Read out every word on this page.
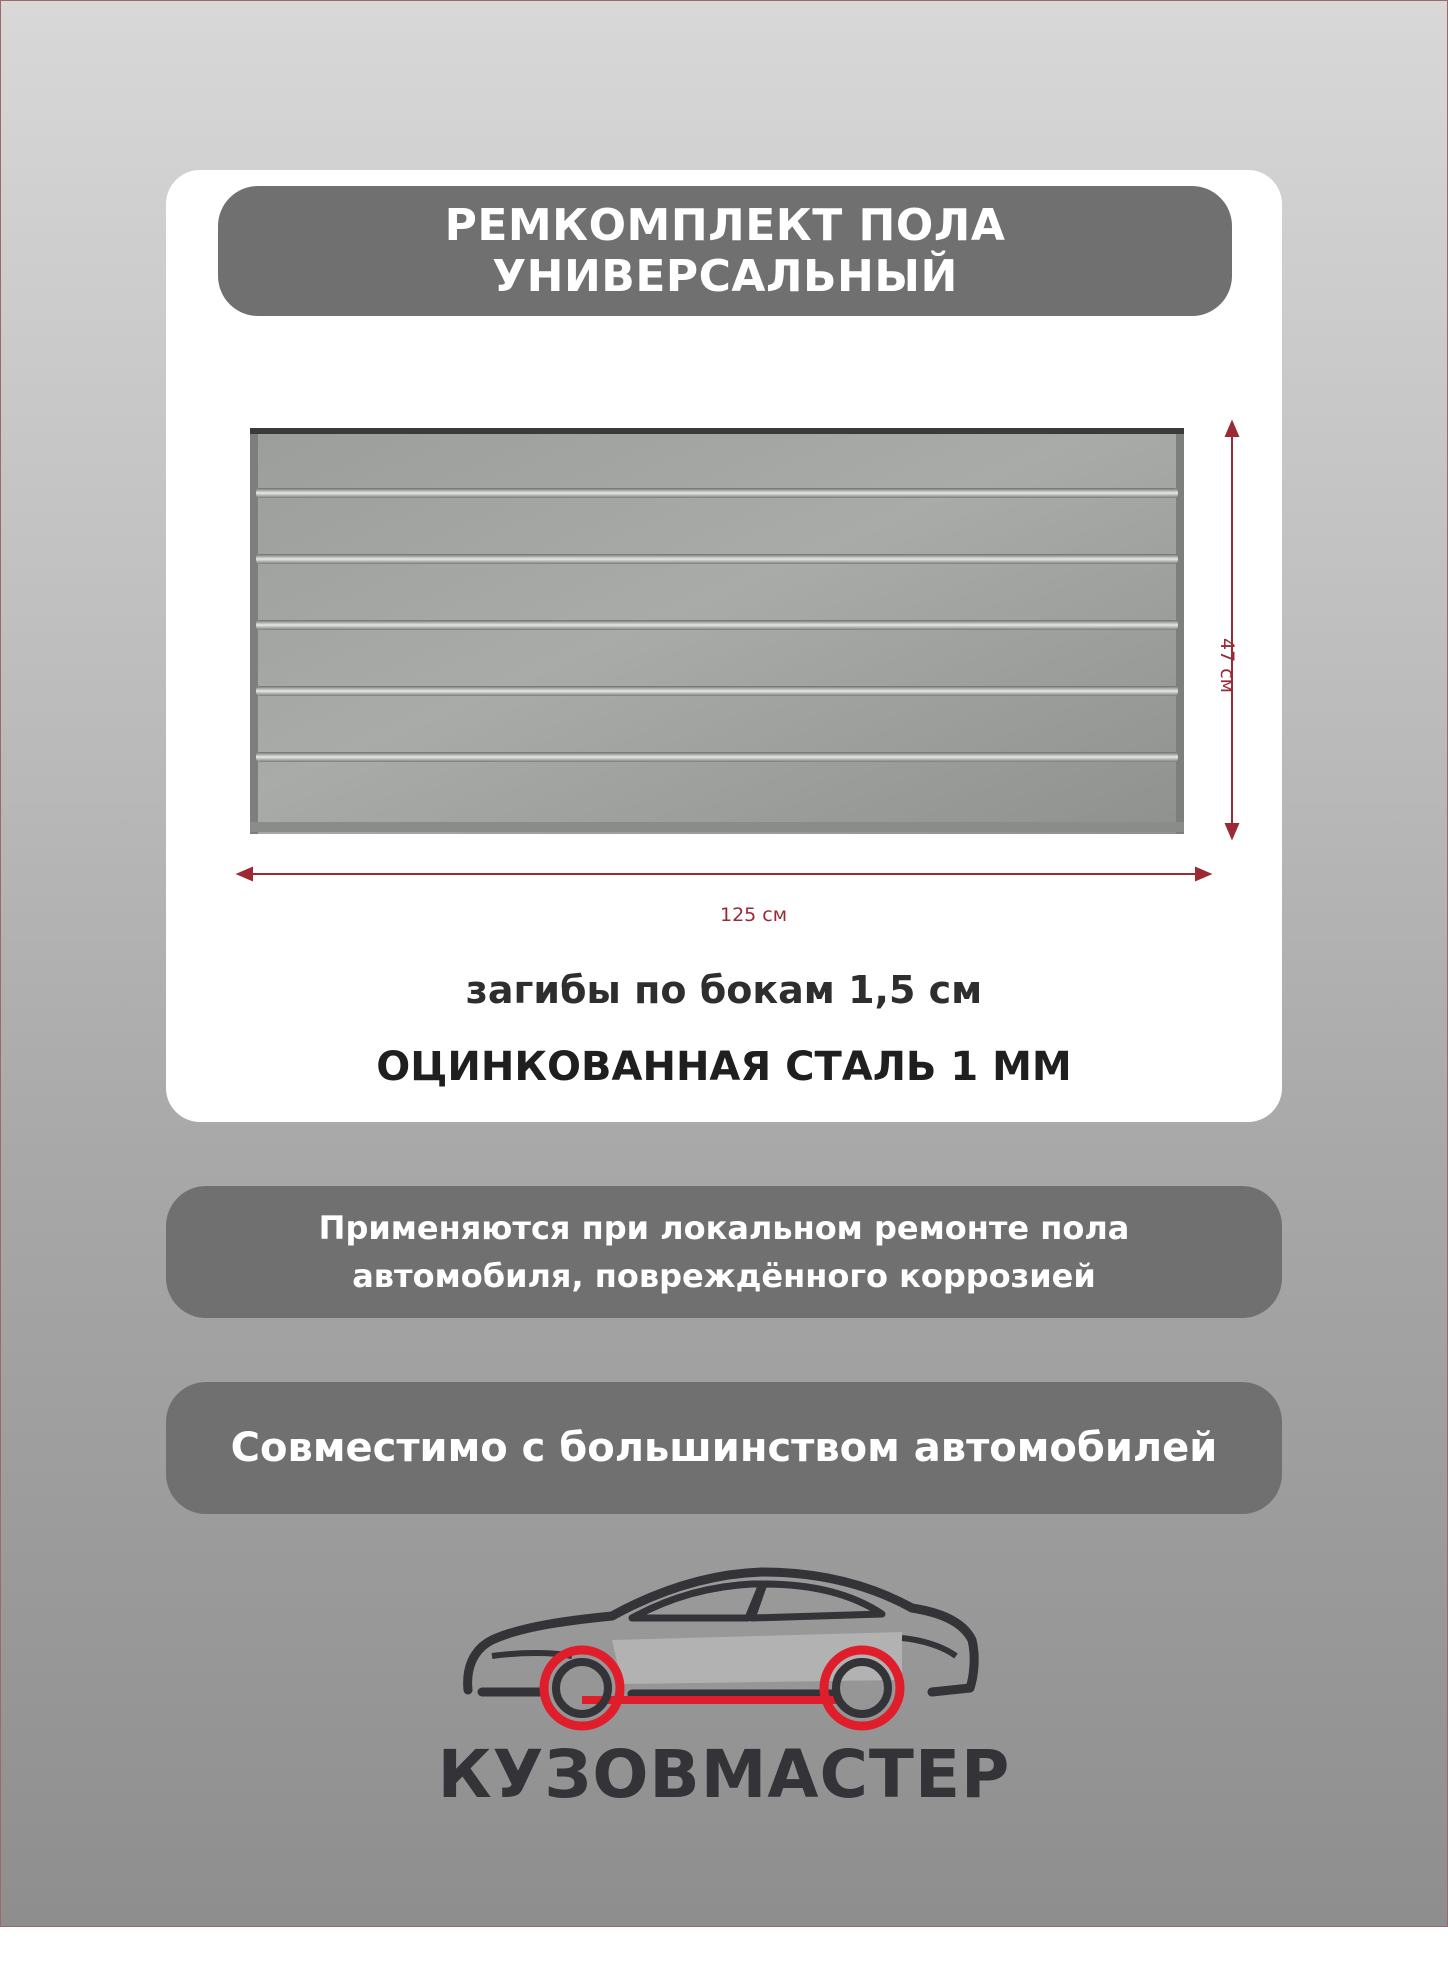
РЕМКОМПЛЕКТ ПОЛА УНИВЕРСАЛЬНЫЙ
125 см
47 см
загибы по бокам 1,5 см
ОЦИНКОВАННАЯ СТАЛЬ 1 ММ
Применяются при локальном ремонте пола автомобиля, повреждённого коррозией
Совместимо с большинством автомобилей
КУЗОВМАСТЕР
